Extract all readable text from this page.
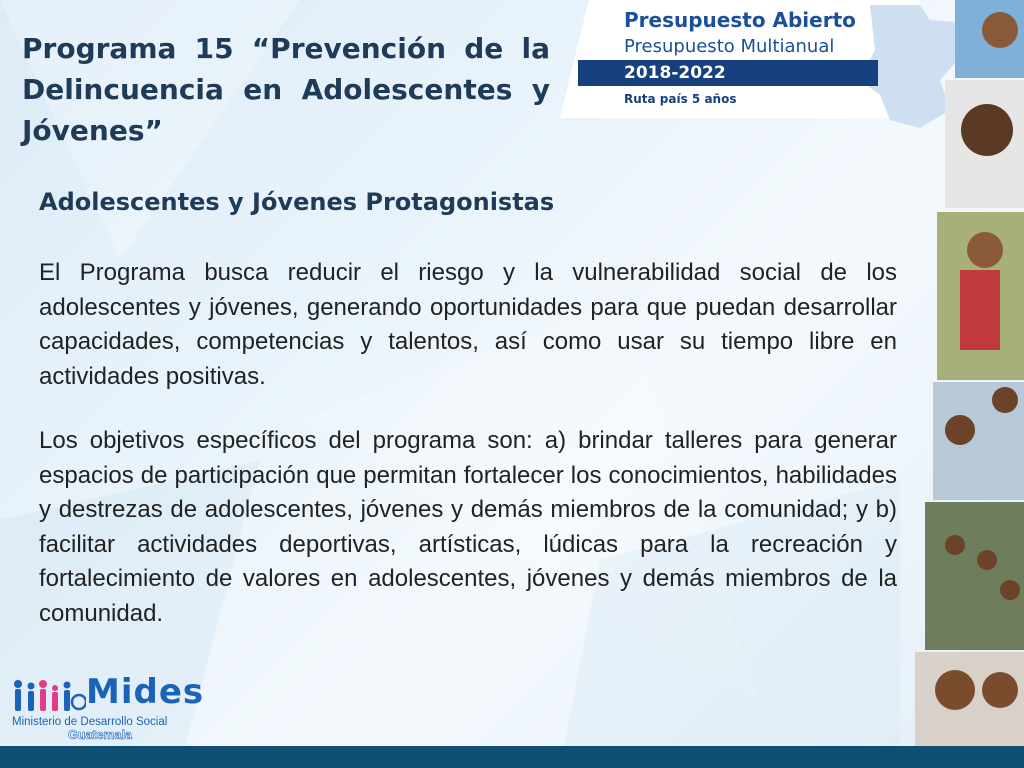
Programa 15 “Prevención de la Delincuencia en Adolescentes y Jóvenes”
Presupuesto Abierto
Presupuesto Multianual
2018-2022
Ruta país 5 años
Adolescentes y Jóvenes Protagonistas

El Programa busca reducir el riesgo y la vulnerabilidad social de los adolescentes y jóvenes, generando oportunidades para que puedan desarrollar capacidades, competencias y talentos, así como usar su tiempo libre en actividades positivas.

Los objetivos específicos del programa son: a) brindar talleres para generar espacios de participación que permitan fortalecer los conocimientos, habilidades y destrezas de adolescentes, jóvenes y demás miembros de la comunidad; y b) facilitar actividades deportivas, artísticas, lúdicas para la recreación y fortalecimiento de valores en adolescentes, jóvenes y demás miembros de la comunidad.

Mides
Ministerio de Desarrollo Social
Guatemala
